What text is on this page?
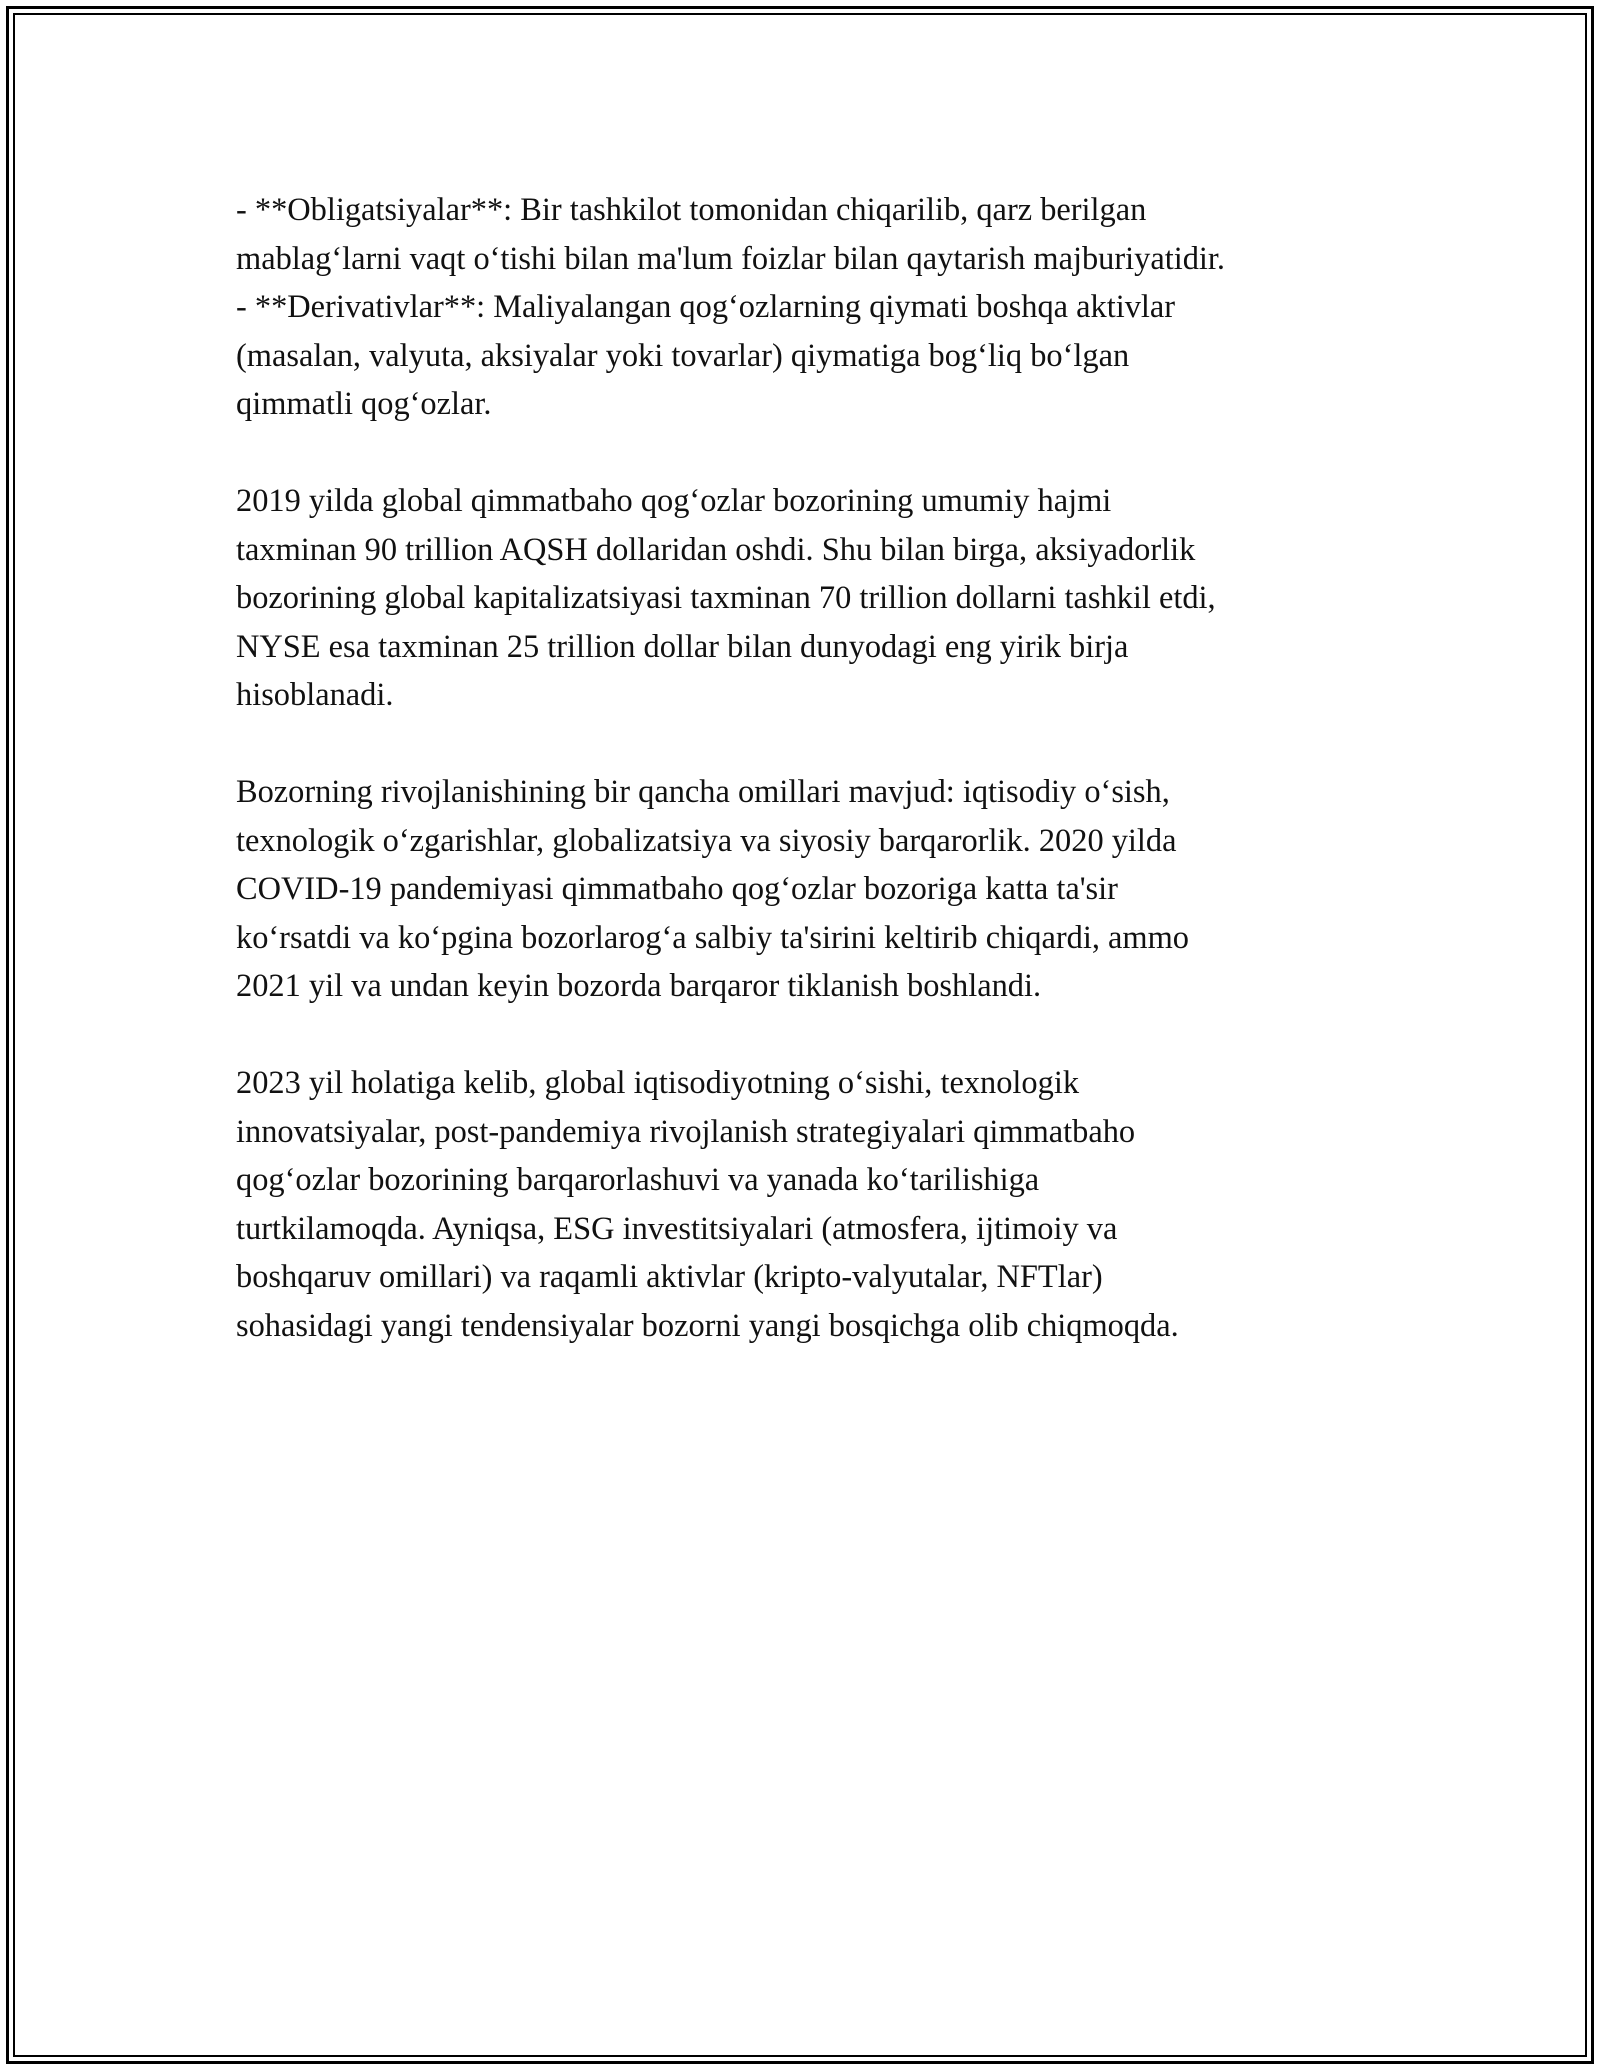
- **Obligatsiyalar**: Bir tashkilot tomonidan chiqarilib, qarz berilgan
mablag‘larni vaqt o‘tishi bilan ma'lum foizlar bilan qaytarish majburiyatidir.
- **Derivativlar**: Maliyalangan qog‘ozlarning qiymati boshqa aktivlar
(masalan, valyuta, aksiyalar yoki tovarlar) qiymatiga bog‘liq bo‘lgan
qimmatli qog‘ozlar.
2019 yilda global qimmatbaho qog‘ozlar bozorining umumiy hajmi
taxminan 90 trillion AQSH dollaridan oshdi. Shu bilan birga, aksiyadorlik
bozorining global kapitalizatsiyasi taxminan 70 trillion dollarni tashkil etdi,
NYSE esa taxminan 25 trillion dollar bilan dunyodagi eng yirik birja
hisoblanadi.
Bozorning rivojlanishining bir qancha omillari mavjud: iqtisodiy o‘sish,
texnologik o‘zgarishlar, globalizatsiya va siyosiy barqarorlik. 2020 yilda
COVID-19 pandemiyasi qimmatbaho qog‘ozlar bozoriga katta ta'sir
ko‘rsatdi va ko‘pgina bozorlarog‘a salbiy ta'sirini keltirib chiqardi, ammo
2021 yil va undan keyin bozorda barqaror tiklanish boshlandi.
2023 yil holatiga kelib, global iqtisodiyotning o‘sishi, texnologik
innovatsiyalar, post-pandemiya rivojlanish strategiyalari qimmatbaho
qog‘ozlar bozorining barqarorlashuvi va yanada ko‘tarilishiga
turtkilamoqda. Ayniqsa, ESG investitsiyalari (atmosfera, ijtimoiy va
boshqaruv omillari) va raqamli aktivlar (kripto-valyutalar, NFTlar)
sohasidagi yangi tendensiyalar bozorni yangi bosqichga olib chiqmoqda.
